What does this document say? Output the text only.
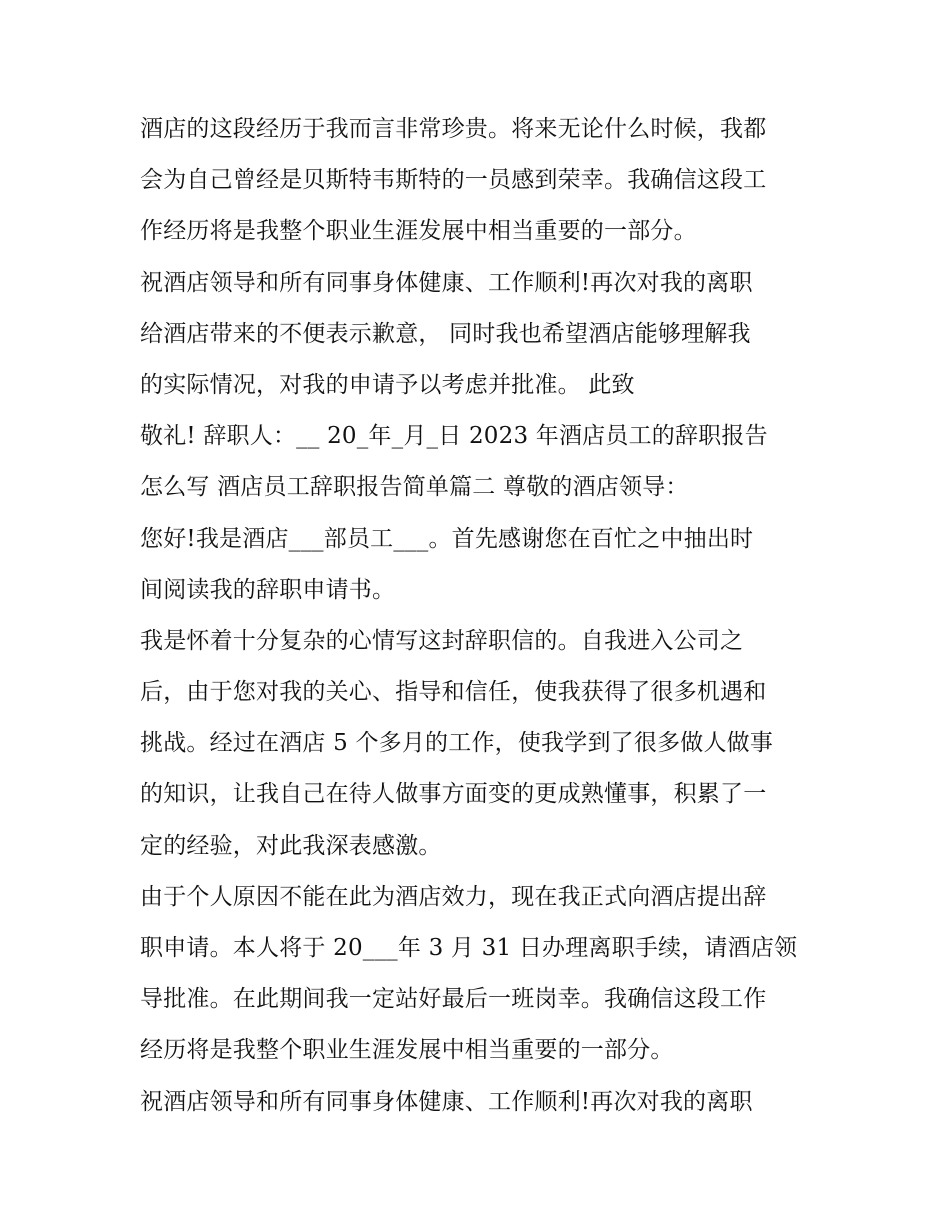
酒店的这段经历于我而言非常珍贵。将来无论什么时候，我都
会为自己曾经是贝斯特韦斯特的一员感到荣幸。我确信这段工
作经历将是我整个职业生涯发展中相当重要的一部分。
祝酒店领导和所有同事身体健康、工作顺利!再次对我的离职
给酒店带来的不便表示歉意， 同时我也希望酒店能够理解我
的实际情况，对我的申请予以考虑并批准。 此致
敬礼! 辞职人：__ 20_年_月_日 2023 年酒店员工的辞职报告
怎么写 酒店员工辞职报告简单篇二 尊敬的酒店领导：
您好!我是酒店___部员工___。首先感谢您在百忙之中抽出时
间阅读我的辞职申请书。
我是怀着十分复杂的心情写这封辞职信的。自我进入公司之
后，由于您对我的关心、指导和信任，使我获得了很多机遇和
挑战。经过在酒店 5 个多月的工作，使我学到了很多做人做事
的知识，让我自己在待人做事方面变的更成熟懂事，积累了一
定的经验，对此我深表感激。
由于个人原因不能在此为酒店效力，现在我正式向酒店提出辞
职申请。本人将于 20___年 3 月 31 日办理离职手续，请酒店领
导批准。在此期间我一定站好最后一班岗幸。我确信这段工作
经历将是我整个职业生涯发展中相当重要的一部分。
祝酒店领导和所有同事身体健康、工作顺利!再次对我的离职
